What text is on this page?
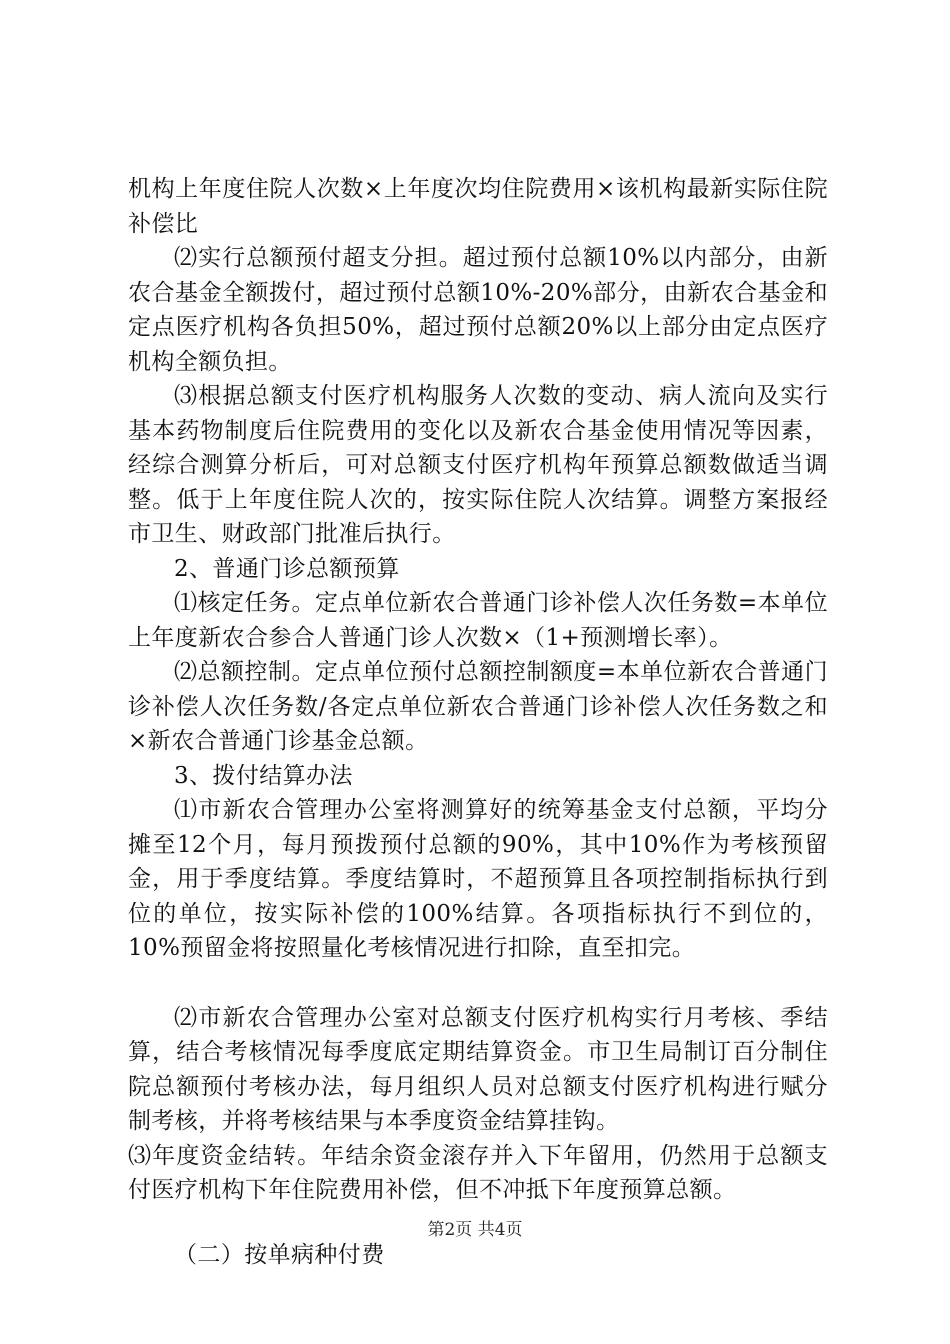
机构上年度住院人次数×上年度次均住院费用×该机构最新实际住院补偿比

⑵实行总额预付超支分担。超过预付总额10%以内部分，由新农合基金全额拨付，超过预付总额10%-20%部分，由新农合基金和定点医疗机构各负担50%，超过预付总额20%以上部分由定点医疗机构全额负担。

⑶根据总额支付医疗机构服务人次数的变动、病人流向及实行基本药物制度后住院费用的变化以及新农合基金使用情况等因素，经综合测算分析后，可对总额支付医疗机构年预算总额数做适当调整。低于上年度住院人次的，按实际住院人次结算。调整方案报经市卫生、财政部门批准后执行。

2、普通门诊总额预算

⑴核定任务。定点单位新农合普通门诊补偿人次任务数=本单位上年度新农合参合人普通门诊人次数×（1+预测增长率）。

⑵总额控制。定点单位预付总额控制额度=本单位新农合普通门诊补偿人次任务数/各定点单位新农合普通门诊补偿人次任务数之和×新农合普通门诊基金总额。

3、拨付结算办法

⑴市新农合管理办公室将测算好的统筹基金支付总额，平均分摊至12个月，每月预拨预付总额的90%，其中10%作为考核预留金，用于季度结算。季度结算时，不超预算且各项控制指标执行到位的单位，按实际补偿的100%结算。各项指标执行不到位的，10%预留金将按照量化考核情况进行扣除，直至扣完。

⑵市新农合管理办公室对总额支付医疗机构实行月考核、季结算，结合考核情况每季度底定期结算资金。市卫生局制订百分制住院总额预付考核办法，每月组织人员对总额支付医疗机构进行赋分制考核，并将考核结果与本季度资金结算挂钩。

⑶年度资金结转。年结余资金滚存并入下年留用，仍然用于总额支付医疗机构下年住院费用补偿，但不冲抵下年度预算总额。

（二）按单病种付费

第2页 共4页
